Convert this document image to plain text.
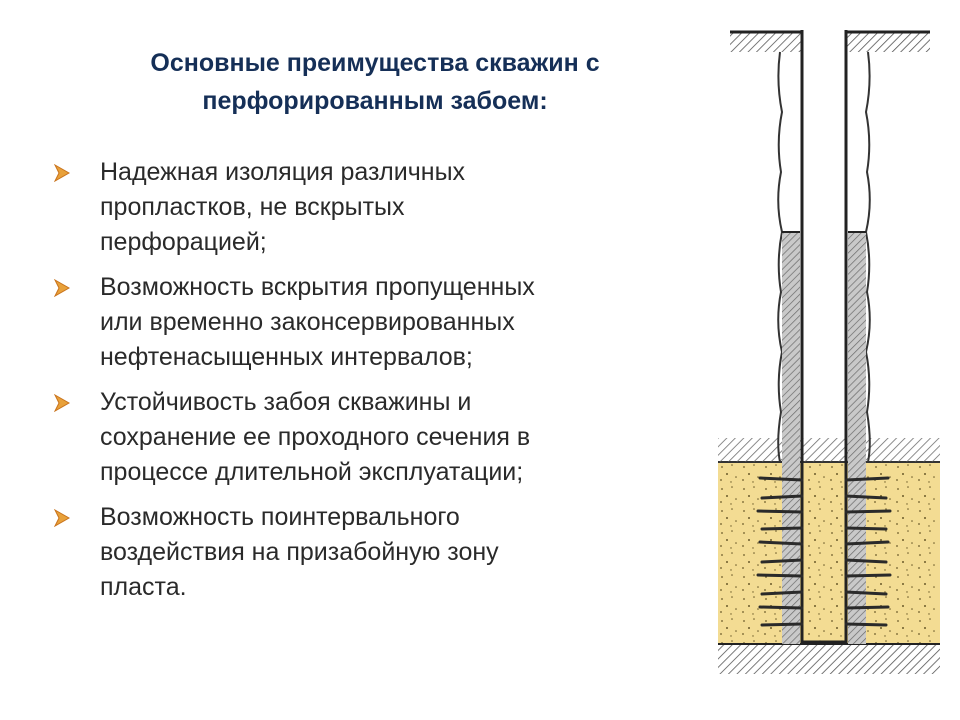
Основные преимущества скважин с
перфорированным забоем:
Надежная изоляция различных
пропластков, не вскрытых
перфорацией;
Возможность вскрытия пропущенных
или временно законсервированных
нефтенасыщенных интервалов;
Устойчивость забоя скважины и
сохранение ее проходного сечения в
процессе длительной эксплуатации;
Возможность поинтервального
воздействия на призабойную зону
пласта.
